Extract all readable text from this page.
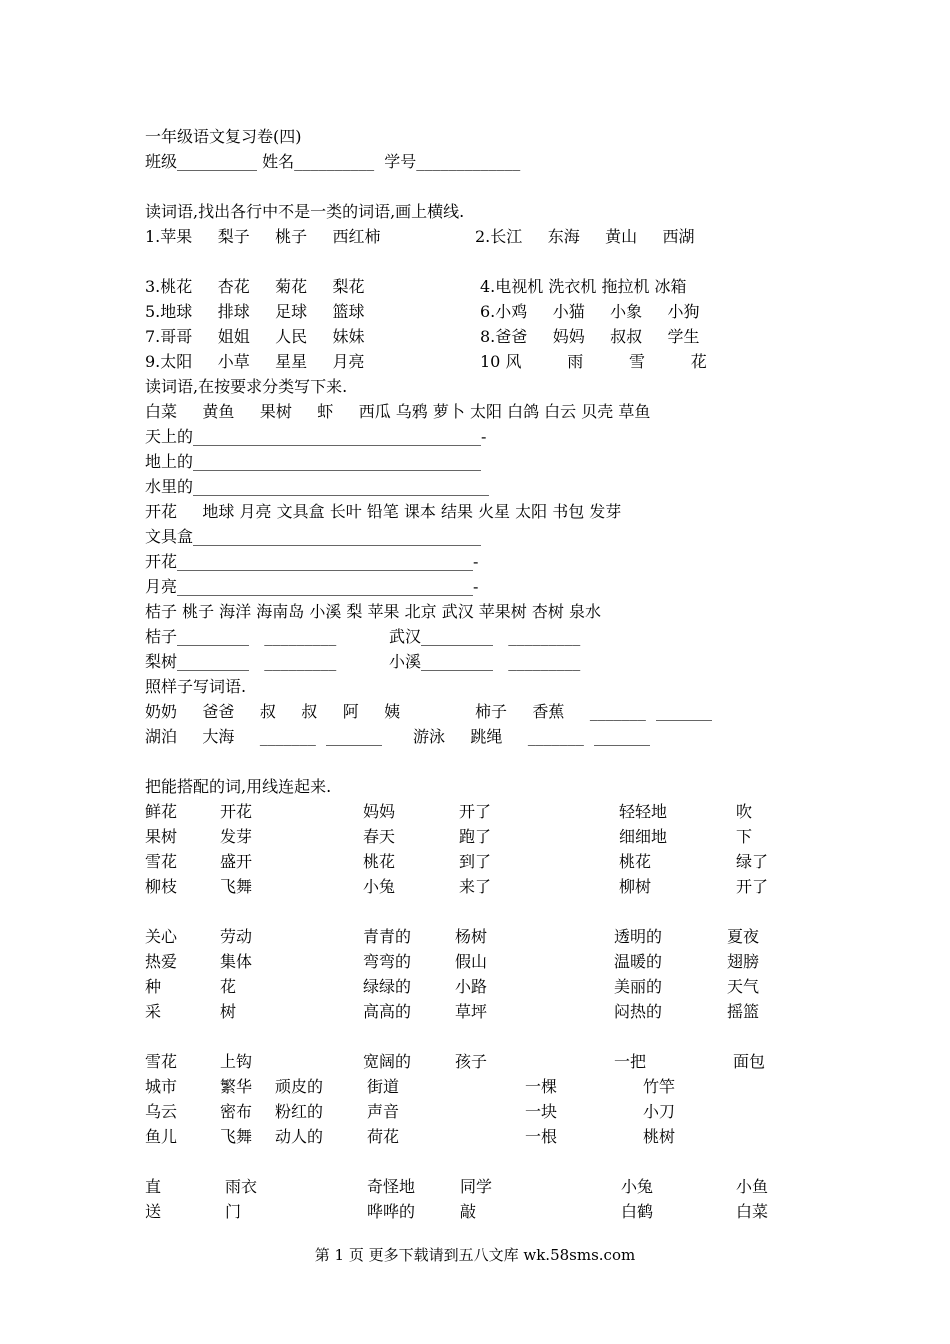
一年级语文复习卷(四)
班级__________ 姓名__________  学号_____________
读词语,找出各行中不是一类的词语,画上横线.

1.苹果     梨子     桃子     西红柿

	2.长江     东海     黄山     西湖

3.桃花     杏花     菊花     梨花

	4.电视机 洗衣机 拖拉机 冰箱

5.地球     排球     足球     篮球

	6.小鸡     小猫     小象     小狗

7.哥哥     姐姐     人民     妹妹

	8.爸爸     妈妈     叔叔     学生

9.太阳     小草     星星     月亮

	10 风         雨         雪         花

读词语,在按要求分类写下来.
白菜     黄鱼     果树     虾     西瓜 乌鸦 萝卜 太阳 白鸽 白云 贝壳 草鱼
天上的____________________________________-
地上的____________________________________
水里的_____________________________________
开花     地球 月亮 文具盒 长叶 铅笔 课本 结果 火星 太阳 书包 发芽
文具盒____________________________________
开花_____________________________________-
月亮_____________________________________-
桔子 桃子 海洋 海南岛 小溪 梨 苹果 北京 武汉 苹果树 杏树 泉水

桔子_________   _________

	武汉_________   _________

梨树_________   _________

	小溪_________   _________

照样子写词语.

奶奶     爸爸     叔     叔     阿     姨

	柿子     香蕉     _______  _______

湖泊     大海     _______  _______

游泳     跳绳     _______  _______

把能搭配的词,用线连起来.
鲜花	开花	妈妈	开了	轻轻地	吹
果树	发芽	春天	跑了	细细地	下
雪花	盛开	桃花	到了	桃花	绿了
柳枝	飞舞	小兔	来了	柳树	开了
关心	劳动	青青的	杨树	透明的	夏夜
热爱	集体	弯弯的	假山	温暖的	翅膀
种	花	绿绿的	小路	美丽的	天气
采	树	高高的	草坪	闷热的	摇篮
雪花	上钩	宽阔的	孩子	一把	面包
城市	繁华 顽皮的	街道	一棵	竹竿
乌云	密布 粉红的	声音	一块	小刀
鱼儿	飞舞 动人的	荷花	一根	桃树
直	雨衣	奇怪地	同学	小兔	小鱼
送	门	哗哗的	敲	白鹤	白菜
第 1 页 更多下载请到五八文库 wk.58sms.com
